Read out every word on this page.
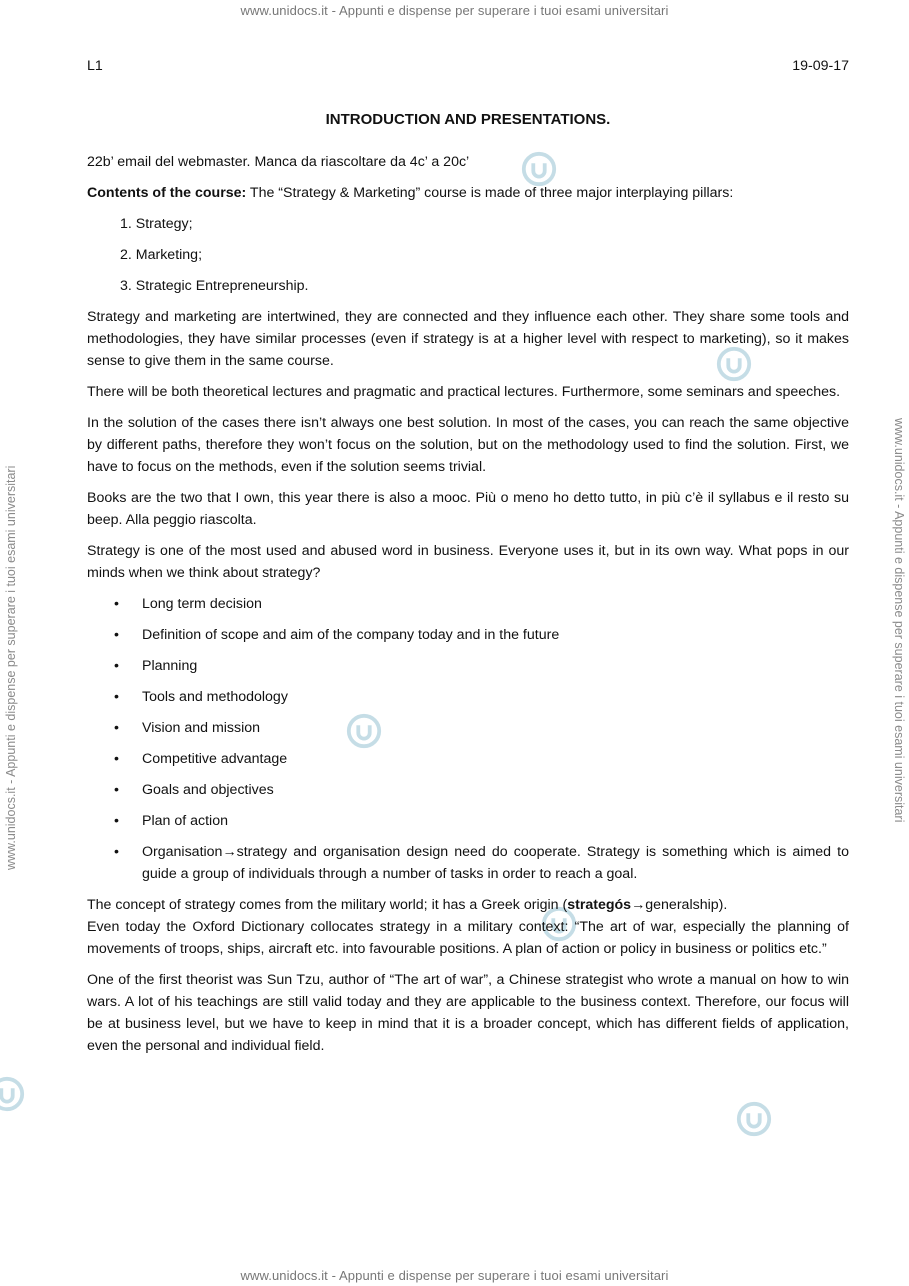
www.unidocs.it - Appunti e dispense per superare i tuoi esami universitari
www.unidocs.it - Appunti e dispense per superare i tuoi esami universitari
www.unidocs.it - Appunti e dispense per superare i tuoi esami universitari	www.unidocs.it - Appunti e dispense per superare i tuoi esami universitari
L1	19-09-17
INTRODUCTION AND PRESENTATIONS.

22b’ email del webmaster. Manca da riascoltare da 4c’ a 20c’

Contents of the course: The “Strategy & Marketing” course is made of three major interplaying pillars:

1. Strategy;
2. Marketing;
3. Strategic Entrepreneurship.

Strategy and marketing are intertwined, they are connected and they influence each other. They share some tools and methodologies, they have similar processes (even if strategy is at a higher level with respect to marketing), so it makes sense to give them in the same course.

There will be both theoretical lectures and pragmatic and practical lectures. Furthermore, some seminars and speeches.

In the solution of the cases there isn’t always one best solution. In most of the cases, you can reach the same objective by different paths, therefore they won’t focus on the solution, but on the methodology used to find the solution. First, we have to focus on the methods, even if the solution seems trivial.

Books are the two that I own, this year there is also a mooc. Più o meno ho detto tutto, in più c’è il syllabus e il resto su beep. Alla peggio riascolta.

Strategy is one of the most used and abused word in business. Everyone uses it, but in its own way. What pops in our minds when we think about strategy?

• Long term decision
• Definition of scope and aim of the company today and in the future
• Planning
• Tools and methodology
• Vision and mission
• Competitive advantage
• Goals and objectives
• Plan of action
• Organisation→strategy and organisation design need do cooperate. Strategy is something which is aimed to guide a group of individuals through a number of tasks in order to reach a goal.

The concept of strategy comes from the military world; it has a Greek origin (strategós→generalship).

Even today the Oxford Dictionary collocates strategy in a military context: “The art of war, especially the planning of movements of troops, ships, aircraft etc. into favourable positions. A plan of action or policy in business or politics etc.”

One of the first theorist was Sun Tzu, author of “The art of war”, a Chinese strategist who wrote a manual on how to win wars. A lot of his teachings are still valid today and they are applicable to the business context. Therefore, our focus will be at business level, but we have to keep in mind that it is a broader concept, which has different fields of application, even the personal and individual field.
